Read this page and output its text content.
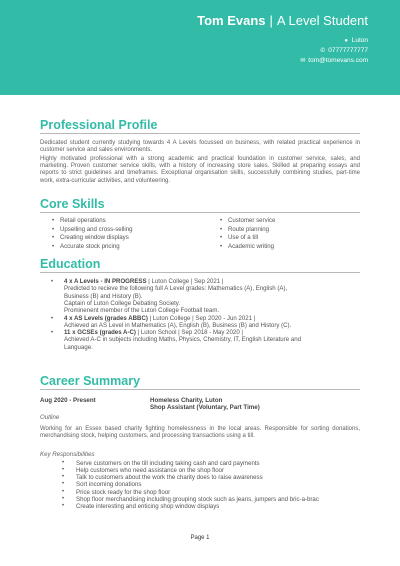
Tom Evans | A Level Student
● Luton
✆ 07777777777
✉ tom@tomevans.com
Professional Profile
Dedicated student currently studying towards 4 A Levels focussed on business, with related practical experience in customer service and sales environments.
Highly motivated professional with a strong academic and practical foundation in customer service, sales, and marketing. Proven customer service skills, with a history of increasing store sales. Skilled at preparing essays and reports to strict guidelines and timeframes. Exceptional organisation skills, successfully combining studies, part-time work, extra-curricular activities, and volunteering.
Core Skills
• Retail operations
• Upselling and cross-selling
• Creating window displays
• Accurate stock pricing
• Customer service
• Route planning
• Use of a till
• Academic writing
Education
• 4 x A Levels - IN PROGRESS | Luton College | Sep 2021 |
Predicted to recieve the following full A Level grades: Mathematics (A), English (A),
Business (B) and History (B).
Captain of Luton College Debating Society.
Prominenent member of the Luton College Football team.
• 4 x AS Levels (grades ABBC) | Luton College | Sep 2020 - Jun 2021 |
Achieved an AS Level in Mathematics (A), English (B), Business (B) and History (C).
• 11 x GCSEs (grades A-C) | Luton School | Sep 2018 - May 2020 |
Achieved A-C in subjects including Maths, Physics, Chemistry, IT, English Literature and
Language.
Career Summary
Aug 2020 - Present	Homeless Charity, Luton
Shop Assistant (Voluntary, Part Time)
Outline
Working for an Essex based charity fighting homelessness in the local areas. Responsible for sorting donations, merchandising stock, helping customers, and processing transactions using a till.
Key Responsibilities
• Serve customers on the till including taking cash and card payments
• Help customers who need assistance on the shop floor
• Talk to customers about the work the charity does to raise awareness
• Sort incoming donations
• Price stock ready for the shop floor
• Shop floor merchandising including grouping stock such as jeans, jumpers and bric-a-brac
• Create interesting and enticing shop window displays
Page 1
